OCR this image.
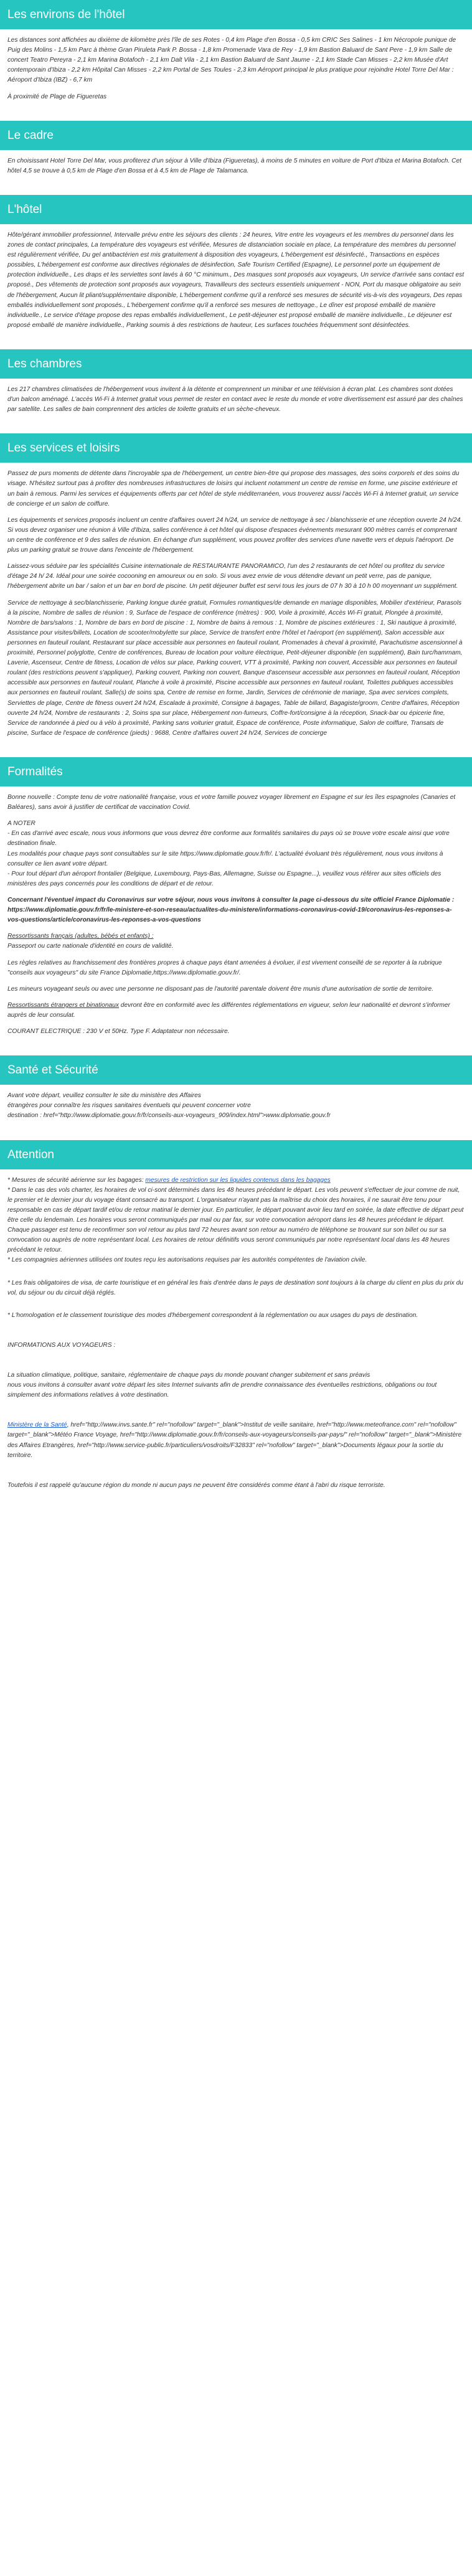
Les environs de l'hôtel

Les distances sont affichées au dixième de kilomètre près l'île de ses Rotes - 0,4 km Plage d'en Bossa - 0,5 km CRIC Ses Salines - 1 km Nécropole punique de Puig des Molins - 1,5 km Parc à thème Gran Piruleta Park P. Bossa - 1,8 km Promenade Vara de Rey - 1,9 km Bastion Baluard de Sant Pere - 1,9 km Salle de concert Teatro Pereyra - 2,1 km Marina Botafoch - 2,1 km Dalt Vila - 2,1 km Bastion Baluard de Sant Jaume - 2,1 km Stade Can Misses - 2,2 km Musée d'Art contemporain d'Ibiza - 2,2 km Hôpital Can Misses - 2,2 km Portal de Ses Toules - 2,3 km Aéroport principal le plus pratique pour rejoindre Hotel Torre Del Mar : Aéroport d'Ibiza (IBZ) - 6,7 km

À proximité de Plage de Figueretas

Le cadre

En choisissant Hotel Torre Del Mar, vous profiterez d'un séjour à Ville d'Ibiza (Figueretas), à moins de 5 minutes en voiture de Port d'Ibiza et Marina Botafoch. Cet hôtel 4,5 se trouve à 0,5 km de Plage d'en Bossa et à 4,5 km de Plage de Talamanca.

L'hôtel

Hôte/gérant immobilier professionnel, Intervalle prévu entre les séjours des clients : 24 heures, Vitre entre les voyageurs et les membres du personnel dans les zones de contact principales, La température des voyageurs est vérifiée, Mesures de distanciation sociale en place, La température des membres du personnel est régulièrement vérifiée, Du gel antibactérien est mis gratuitement à disposition des voyageurs, L'hébergement est désinfecté., Transactions en espèces possibles, L'hébergement est conforme aux directives régionales de désinfection, Safe Tourism Certified (Espagne), Le personnel porte un équipement de protection individuelle., Les draps et les serviettes sont lavés à 60 °C minimum., Des masques sont proposés aux voyageurs, Un service d'arrivée sans contact est proposé., Des vêtements de protection sont proposés aux voyageurs, Travailleurs des secteurs essentiels uniquement - NON, Port du masque obligatoire au sein de l'hébergement, Aucun lit pliant/supplémentaire disponible, L'hébergement confirme qu'il a renforcé ses mesures de sécurité vis-à-vis des voyageurs, Des repas emballés individuellement sont proposés., L'hébergement confirme qu'il a renforcé ses mesures de nettoyage., Le dîner est proposé emballé de manière individuelle., Le service d'étage propose des repas emballés individuellement., Le petit-déjeuner est proposé emballé de manière individuelle., Le déjeuner est proposé emballé de manière individuelle., Parking soumis à des restrictions de hauteur, Les surfaces touchées fréquemment sont désinfectées.

Les chambres

Les 217 chambres climatisées de l'hébergement vous invitent à la détente et comprennent un minibar et une télévision à écran plat. Les chambres sont dotées d'un balcon aménagé. L'accès Wi-Fi à Internet gratuit vous permet de rester en contact avec le reste du monde et votre divertissement est assuré par des chaînes par satellite. Les salles de bain comprennent des articles de toilette gratuits et un sèche-cheveux.

Les services et loisirs

Passez de purs moments de détente dans l'incroyable spa de l'hébergement, un centre bien-être qui propose des massages, des soins corporels et des soins du visage. N'hésitez surtout pas à profiter des nombreuses infrastructures de loisirs qui incluent notamment un centre de remise en forme, une piscine extérieure et un bain à remous. Parmi les services et équipements offerts par cet hôtel de style méditerranéen, vous trouverez aussi l'accès Wi-Fi à Internet gratuit, un service de concierge et un salon de coiffure.

Les équipements et services proposés incluent un centre d'affaires ouvert 24 h/24, un service de nettoyage à sec / blanchisserie et une réception ouverte 24 h/24. Si vous devez organiser une réunion à Ville d'Ibiza, salles conférence à cet hôtel qui dispose d'espaces événements mesurant 900 mètres carrés et comprenant un centre de conférence et 9 des salles de réunion. En échange d'un supplément, vous pouvez profiter des services d'une navette vers et depuis l'aéroport. De plus un parking gratuit se trouve dans l'enceinte de l'hébergement.

Laissez-vous séduire par les spécialités Cuisine internationale de RESTAURANTE PANORAMICO, l'un des 2 restaurants de cet hôtel ou profitez du service d'étage 24 h/ 24. Idéal pour une soirée cocooning en amoureux ou en solo. Si vous avez envie de vous détendre devant un petit verre, pas de panique, l'hébergement abrite un bar / salon et un bar en bord de piscine. Un petit déjeuner buffet est servi tous les jours de 07 h 30 à 10 h 00 moyennant un supplément.

Service de nettoyage à sec/blanchisserie, Parking longue durée gratuit, Formules romantiques/de demande en mariage disponibles, Mobilier d'extérieur, Parasols à la piscine, Nombre de salles de réunion : 9, Surface de l'espace de conférence (mètres) : 900, Voile à proximité, Accès Wi-Fi gratuit, Plongée à proximité, Nombre de bars/salons : 1, Nombre de bars en bord de piscine : 1, Nombre de bains à remous : 1, Nombre de piscines extérieures : 1, Ski nautique à proximité, Assistance pour visites/billets, Location de scooter/mobylette sur place, Service de transfert entre l'hôtel et l'aéroport (en supplément), Salon accessible aux personnes en fauteuil roulant, Restaurant sur place accessible aux personnes en fauteuil roulant, Promenades à cheval à proximité, Parachutisme ascensionnel à proximité, Personnel polyglotte, Centre de conférences, Bureau de location pour voiture électrique, Petit-déjeuner disponible (en supplément), Bain turc/hammam, Laverie, Ascenseur, Centre de fitness, Location de vélos sur place, Parking couvert, VTT à proximité, Parking non couvert, Accessible aux personnes en fauteuil roulant (des restrictions peuvent s'appliquer), Parking couvert, Parking non couvert, Banque d'ascenseur accessible aux personnes en fauteuil roulant, Réception accessible aux personnes en fauteuil roulant, Planche à voile à proximité, Piscine accessible aux personnes en fauteuil roulant, Toilettes publiques accessibles aux personnes en fauteuil roulant, Salle(s) de soins spa, Centre de remise en forme, Jardin, Services de cérémonie de mariage, Spa avec services complets, Serviettes de plage, Centre de fitness ouvert 24 h/24, Escalade à proximité, Consigne à bagages, Table de billard, Bagagiste/groom, Centre d'affaires, Réception ouverte 24 h/24, Nombre de restaurants : 2, Soins spa sur place, Hébergement non-fumeurs, Coffre-fort/consigne à la réception, Snack-bar ou épicerie fine, Service de randonnée à pied ou à vélo à proximité, Parking sans voiturier gratuit, Espace de conférence, Poste informatique, Salon de coiffure, Transats de piscine, Surface de l'espace de conférence (pieds) : 9688, Centre d'affaires ouvert 24 h/24, Services de concierge

Formalités

Bonne nouvelle : Compte tenu de votre nationalité française, vous et votre famille pouvez voyager librement en Espagne et sur les îles espagnoles (Canaries et Baléares), sans avoir à justifier de certificat de vaccination Covid.

A NOTER

- En cas d'arrivé avec escale, nous vous informons que vous devrez être conforme aux formalités sanitaires du pays où se trouve votre escale ainsi que votre destination finale.

Les modalités pour chaque pays sont consultables sur le site https://www.diplomatie.gouv.fr/fr/. L'actualité évoluant très régulièrement, nous vous invitons à consulter ce lien avant votre départ.

- Pour tout départ d'un aéroport frontalier (Belgique, Luxembourg, Pays-Bas, Allemagne, Suisse ou Espagne...), veuillez vous référer aux sites officiels des ministères des pays concernés pour les conditions de départ et de retour.

Concernant l'éventuel impact du Coronavirus sur votre séjour, nous vous invitons à consulter la page ci-dessous du site officiel France Diplomatie : https://www.diplomatie.gouv.fr/fr/le-ministere-et-son-reseau/actualites-du-ministere/informations-coronavirus-covid-19/coronavirus-les-reponses-a-vos-questions/article/coronavirus-les-reponses-a-vos-questions

Ressortissants français (adultes, bébés et enfants) :

Passeport ou carte nationale d'identité en cours de validité.

Les règles relatives au franchissement des frontières propres à chaque pays étant amenées à évoluer, il est vivement conseillé de se reporter à la rubrique "conseils aux voyageurs" du site France Diplomatie,https://www.diplomatie.gouv.fr/.

Les mineurs voyageant seuls ou avec une personne ne disposant pas de l'autorité parentale doivent être munis d'une autorisation de sortie de territoire.

Ressortissants étrangers et binationaux devront être en conformité avec les différentes réglementations en vigueur, selon leur nationalité et devront s'informer auprès de leur consulat.

COURANT ELECTRIQUE : 230 V et 50Hz. Type F. Adaptateur non nécessaire.

Santé et Sécurité

Avant votre départ, veuillez consulter le site du ministère des Affaires

étrangères pour connaître les risques sanitaires éventuels qui peuvent concerner votre

destination : href="http://www.diplomatie.gouv.fr/fr/conseils-aux-voyageurs_909/index.html">www.diplomatie.gouv.fr

Attention

* Mesures de sécurité aérienne sur les bagages: mesures de restriction sur les liquides contenus dans les bagages

* Dans le cas des vols charter, les horaires de vol ci-sont déterminés dans les 48 heures précédant le départ. Les vols peuvent s'effectuer de jour comme de nuit, le premier et le dernier jour du voyage étant consacré au transport. L'organisateur n'ayant pas la maîtrise du choix des horaires, il ne saurait être tenu pour responsable en cas de départ tardif et/ou de retour matinal le dernier jour. En particulier, le départ pouvant avoir lieu tard en soirée, la date effective de départ peut être celle du lendemain. Les horaires vous seront communiqués par mail ou par fax, sur votre convocation aéroport dans les 48 heures précédant le départ. Chaque passager est tenu de reconfirmer son vol retour au plus tard 72 heures avant son retour au numéro de téléphone se trouvant sur son billet ou sur sa convocation ou auprès de notre représentant local. Les horaires de retour définitifs vous seront communiqués par notre représentant local dans les 48 heures précédant le retour.

* Les compagnies aériennes utilisées ont toutes reçu les autorisations requises par les autorités compétentes de l'aviation civile.

* Les frais obligatoires de visa, de carte touristique et en général les frais d'entrée dans le pays de destination sont toujours à la charge du client en plus du prix du vol, du séjour ou du circuit déjà réglés.

* L'homologation et le classement touristique des modes d'hébergement correspondent à la réglementation ou aux usages du pays de destination.

INFORMATIONS AUX VOYAGEURS :

La situation climatique, politique, sanitaire, réglementaire de chaque pays du monde pouvant changer subitement et sans préavis

nous vous invitons à consulter avant votre départ les sites Internet suivants afin de prendre connaissance des éventuelles restrictions, obligations ou tout simplement des informations relatives à votre destination.

Ministère de la Santé, href="http://www.invs.sante.fr" rel="nofollow" target="_blank">Institut de veille sanitaire, href="http://www.meteofrance.com" rel="nofollow" target="_blank">Météo France Voyage, href="http://www.diplomatie.gouv.fr/fr/conseils-aux-voyageurs/conseils-par-pays/" rel="nofollow" target="_blank">Ministère des Affaires Etrangères, href="http://www.service-public.fr/particuliers/vosdroits/F32833" rel="nofollow" target="_blank">Documents légaux pour la sortie du territoire.

Toutefois il est rappelé qu'aucune région du monde ni aucun pays ne peuvent être considérés comme étant à l'abri du risque terroriste.
